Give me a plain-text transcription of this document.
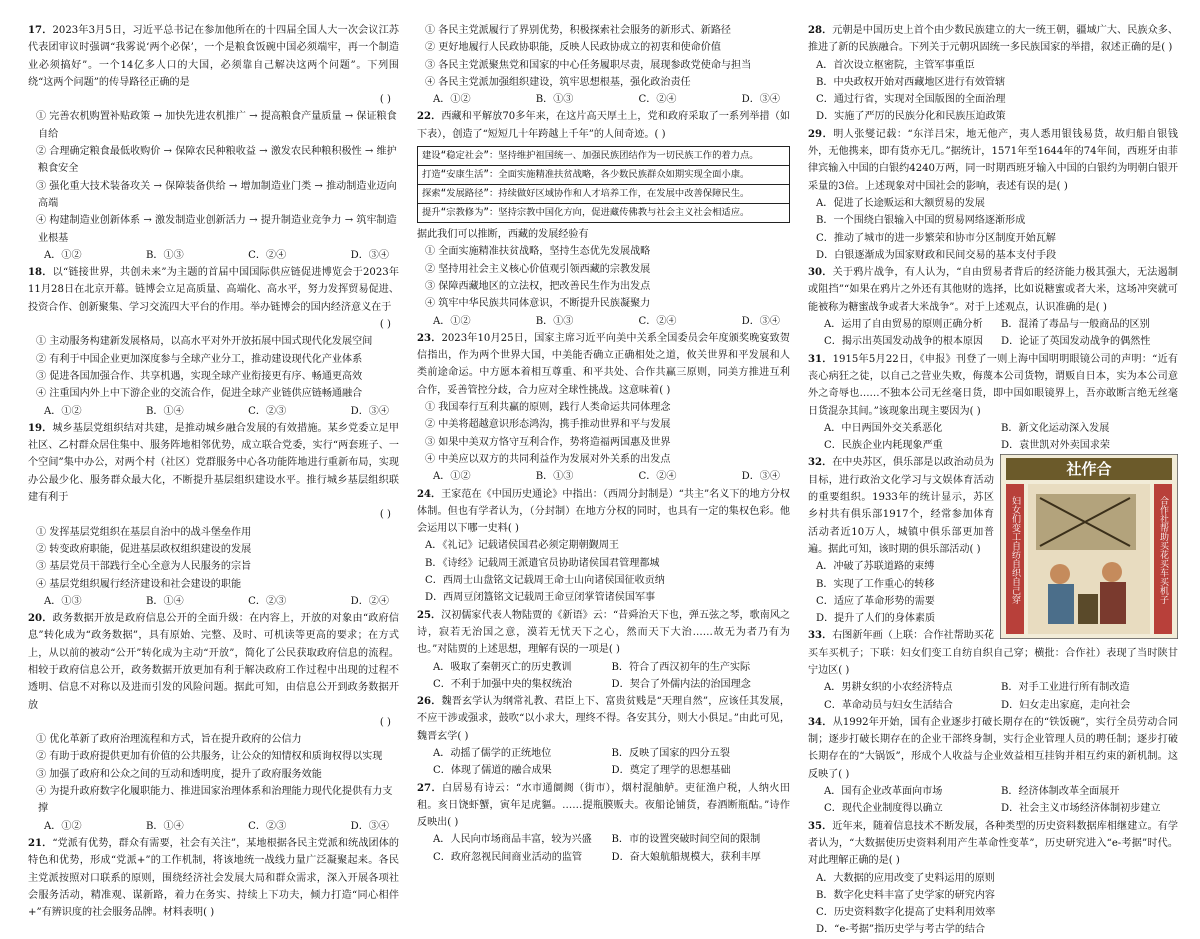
17．2023年3月5日，习近平总书记在参加他所在的十四届全国人大一次会议江苏代表团审议时强调“我雾说‘两个必保’，一个是粮食饭碗中国必须端牢，再一个制造业必须搞好”。一个14亿多人口的大国，必须靠自己解决这两个问题”。下列围绕“这两个问题”的传导路径正确的是

( )

① 完善农机购置补贴政策 → 加快先进农机推广 → 提高粮食产量质量 → 保证粮食自给

② 合理确定粮食最低收购价 → 保障农民种粮收益 → 激发农民种粮积极性 → 维护粮食安全

③ 强化重大技术装备攻关 → 保障装备供给 → 增加制造业门类 → 推动制造业迈向高端

④ 构建制造业创新体系 → 激发制造业创新活力 → 提升制造业竞争力 → 筑牢制造业根基

A．①②	B．①③	C．②④	D．③④

18．以“链接世界，共创未来”为主题的首届中国国际供应链促进博览会于2023年11月28日在北京开幕。链博会立足高质量、高端化、高水平，努力发挥贸易促进、投资合作、创新聚集、学习交流四大平台的作用。举办链博会的国内经济意义在于

( )

① 主动服务构建新发展格局，以高水平对外开放拓展中国式现代化发展空间

② 有利于中国企业更加深度参与全球产业分工，推动建设现代化产业体系

③ 促进各国加强合作、共享机遇，实现全球产业衔接更有序、畅通更高效

④ 注重国内外上中下游企业的交流合作，促进全球产业链供应链畅通融合

A．①②	B．①④	C．②③	D．③④

19．城乡基层党组织结对共建，是推动城乡融合发展的有效措施。某乡党委立足甲社区、乙村群众居住集中、服务阵地相邻优势，成立联合党委，实行“两套班子、一个空间”集中办公，对两个村（社区）党群服务中心各功能阵地进行重新布局，实现办公最少化、服务群众最大化，不断提升基层组织建设水平。推行城乡基层组织联建有利于

( )

① 发挥基层党组织在基层自治中的战斗堡垒作用

② 转变政府职能，促进基层政权组织建设的发展

③ 基层党员干部践行全心全意为人民服务的宗旨

④ 基层党组织履行经济建设和社会建设的职能

A．①③	B．①④	C．②③	D．②④

20．政务数据开放是政府信息公开的全面升级：在内容上，开放的对象由“政府信息”转化成为“政务数据”，具有原始、完整、及时、可机读等更高的要求；在方式上，从以前的被动“公开”转化成为主动“开放”，简化了公民获取政府信息的流程。相较于政府信息公开，政务数据开放更加有利于解决政府工作过程中出现的过程不透明、信息不对称以及进而引发的风险问题。据此可知，由信息公开到政务数据开放

( )

① 优化革新了政府治理流程和方式，旨在提升政府的公信力

② 有助于政府提供更加有价值的公共服务，让公众的知情权和质询权得以实现

③ 加强了政府和公众之间的互动和透明度，提升了政府服务效能

④ 为提升政府数字化履职能力、推进国家治理体系和治理能力现代化提供有力支撑

A．①②	B．①④	C．②③	D．③④

21．“党派有优势，群众有需要，社会有关注”，某地根据各民主党派和统战团体的特色和优势，形成“党派+”的工作机制，将该地统一战线力量广泛凝聚起来。各民主党派按照对口联系的原则，围绕经济社会发展大局和群众需求，深入开展各项社会服务活动，精准观、谋新路，着力在务实、持续上下功夫，倾力打造“同心相伴+”有辨识度的社会服务品牌。材料表明( )

① 各民主党派履行了界别优势，积极探索社会服务的新形式、新路径

② 更好地履行人民政协职能，反映人民政协成立的初衷和使命价值

③ 各民主党派聚焦党和国家的中心任务履职尽责，展现参政党使命与担当

④ 各民主党派加强组织建设，筑牢思想根基，强化政治责任

A．①②	B．①③	C．②④	D．③④

22．西藏和平解放70多年来，在这片高天厚土上，党和政府采取了一系列举措（如下表），创造了“短短几十年跨越上千年”的人间奇迹。( )

建设“稳定社会”：坚持维护祖国统一、加强民族团结作为一切民族工作的着力点。
打造“安康生活”：全面实施精准扶贫战略，各少数民族群众如期实现全面小康。
探索“发展路径”：持续做好区域协作和人才培养工作，在发展中改善保障民生。
提升“宗教修为”：坚持宗教中国化方向，促进藏传佛教与社会主义社会相适应。

据此我们可以推断，西藏的发展经验有

① 全面实施精准扶贫战略，坚持生态优先发展战略

② 坚持用社会主义核心价值观引领西藏的宗教发展

③ 保障西藏地区的立法权，把改善民生作为出发点

④ 筑牢中华民族共同体意识，不断提升民族凝聚力

A．①②	B．①③	C．②④	D．③④

23．2023年10月25日，国家主席习近平向美中关系全国委员会年度颁奖晚宴致贺信指出，作为两个世界大国，中美能否确立正确相处之道，攸关世界和平发展和人类前途命运。中方愿本着相互尊重、和平共处、合作共赢三原则，同美方推进互利合作，妥善管控分歧，合力应对全球性挑战。这意味着( )

① 我国奉行互利共赢的原则，践行人类命运共同体理念

② 中美将超越意识形态鸿沟，携手推动世界和平与发展

③ 如果中美双方恪守互利合作，势将造福两国惠及世界

④ 中美应以双方的共同利益作为发展对外关系的出发点

A．①②	B．①③	C．②④	D．③④

24．王家范在《中国历史通论》中指出：（西周分封制是）“共主”名义下的地方分权体制。但也有学者认为，（分封制）在地方分权的同时，也具有一定的集权色彩。他会运用以下哪一史料( )

A．《礼记》记载诸侯国君必须定期朝觐周王

B．《诗经》记载周王派遣官员协助诸侯国君管理都城

C．西周士山盘铭文记载周王命士山向诸侯国征收贡纳

D．西周豆闭簋铭文记载周王命豆闭掌管诸侯国军事

25．汉初儒家代表人物陆贾的《新语》云：“昔舜治天下也，弹五弦之琴，歌南风之诗，寂若无治国之意，漠若无忧天下之心，然而天下大治……故无为者乃有为也。”对陆贾的上述思想，理解有误的一项是( )

A．吸取了秦朝灭亡的历史教训	B．符合了西汉初年的生产实际
C．不利于加强中央的集权统治	D．契合了外儒内法的治国理念

26．魏晋玄学认为纲常礼教、君臣上下、富贵贫贱是“天理自然”，应该任其发展，不应干涉或强求，鼓吹“以小求大，理终不得。各安其分，则大小俱足。”由此可见，魏晋玄学( )

A．动摇了儒学的正统地位	B．反映了国家的四分五裂
C．体现了儒道的融合成果	D．奠定了理学的思想基础

27．白居易有诗云：“水市通阛阓（街市），烟村混舳舻。吏征渔户税，人纳火田租。亥日饶虾蟹，寅年足虎貙。……提瓶膜贩夫。夜船论铺货，春酒断瓶酤。”诗作反映出( )

A．人民向市场商品丰富，较为兴盛	B．市的设置突破时间空间的限制
C．政府忽视民间商业活动的监管	D．奋大娘航船规模大，获利丰厚

28．元朝是中国历史上首个由少数民族建立的大一统王朝，疆域广大、民族众多、推进了新的民族融合。下列关于元朝巩固统一多民族国家的举措，叙述正确的是( )

A．首次设立枢密院，主管军事重臣

B．中央政权开始对西藏地区进行有效管辖

C．通过行省，实现对全国版图的全面治理

D．实施了严厉的民族分化和民族压迫政策

29．明人张燮记载：“东洋吕宋，地无他产，夷人悉用银钱易货，故归船自银钱外，无他携来，即有货亦无几。”据统计，1571年至1644年的74年间，西班牙由菲律宾输入中国的白银约4240万两，同一时期西班牙输入中国的白银约为明朝白银开采量的3倍。上述现象对中国社会的影响，表述有误的是( )

A．促进了长途贩运和大额贸易的发展

B．一个围绕白银输入中国的贸易网络逐渐形成

C．推动了城市的进一步繁荣和协市分区制度开始瓦解

D．白银逐渐成为国家财政和民间交易的基本支付手段

30．关于鸦片战争，有人认为，“自由贸易者背后的经济能力极其强大，无法遏制或阻挡”“如果在鸦片之外还有其他财的选择，比如说糖蜜或者大米，这场冲突就可能被称为糖蜜战争或者大米战争”。对于上述观点，认识准确的是( )

A．运用了自由贸易的原则正确分析	B．混淆了毒品与一般商品的区别
C．揭示出英国发动战争的根本原因	D．论证了英国发动战争的偶然性

31．1915年5月22日，《申报》刊登了一则上海中国明明眼镜公司的声明：“近有丧心病狂之徒，以自己之营业失败，侮蔑本公司货物，谓贩自日本，实为本公司意外之奇辱也……不独本公司无丝毫日货，即中国如眼镜界上，吾亦敢断言绝无丝毫日货混杂其间。”该现象出现主要因为( )

A．中日两国外交关系恶化	B．新文化运动深入发展
C．民族企业内耗现象严重	D．袁世凯对外卖国求荣
社作合
妇女们变工自纺自织自己穿	合作社帮助买花买车买机子

32．在中央苏区，俱乐部是以政治动员为目标，进行政治文化学习与文娱体育活动的重要组织。1933年的统计显示，苏区乡村共有俱乐部1917个，经常参加体育活动者近10万人，城镇中俱乐部更加普遍。据此可知，该时期的俱乐部活动( )

A．冲破了苏联道路的束缚

B．实现了工作重心的转移

C．适应了革命形势的需要

D．提升了人们的身体素质

33．右图新年画（上联：合作社帮助买花买车买机子；下联：妇女们变工自纺自织自己穿；横批：合作社）表现了当时陕甘宁边区( )

A．男耕女织的小农经济特点	B．对手工业进行所有制改造
C．革命动员与妇女生活结合	D．妇女走出家庭，走向社会

34．从1992年开始，国有企业逐步打破长期存在的“铁饭碗”，实行全员劳动合同制；逐步打破长期存在的企业干部终身制，实行企业管理人员的聘任制；逐步打破长期存在的“大锅饭”，形成个人收益与企业效益相互挂钩并相互约束的新机制。这反映了( )

A．国有企业改革面向市场	B．经济体制改革全面展开
C．现代企业制度得以确立	D．社会主义市场经济体制初步建立

35．近年来，随着信息技术不断发展，各种类型的历史资料数据库相继建立。有学者认为，“大数据使历史资料利用产生革命性变革”，历史研究进入“e-考据”时代。对此理解正确的是( )

A．大数据的应用改变了史料运用的原则

B．数字化史料丰富了史学家的研究内容

C．历史资料数字化提高了史料利用效率

D．“e-考据”指历史学与考古学的结合
